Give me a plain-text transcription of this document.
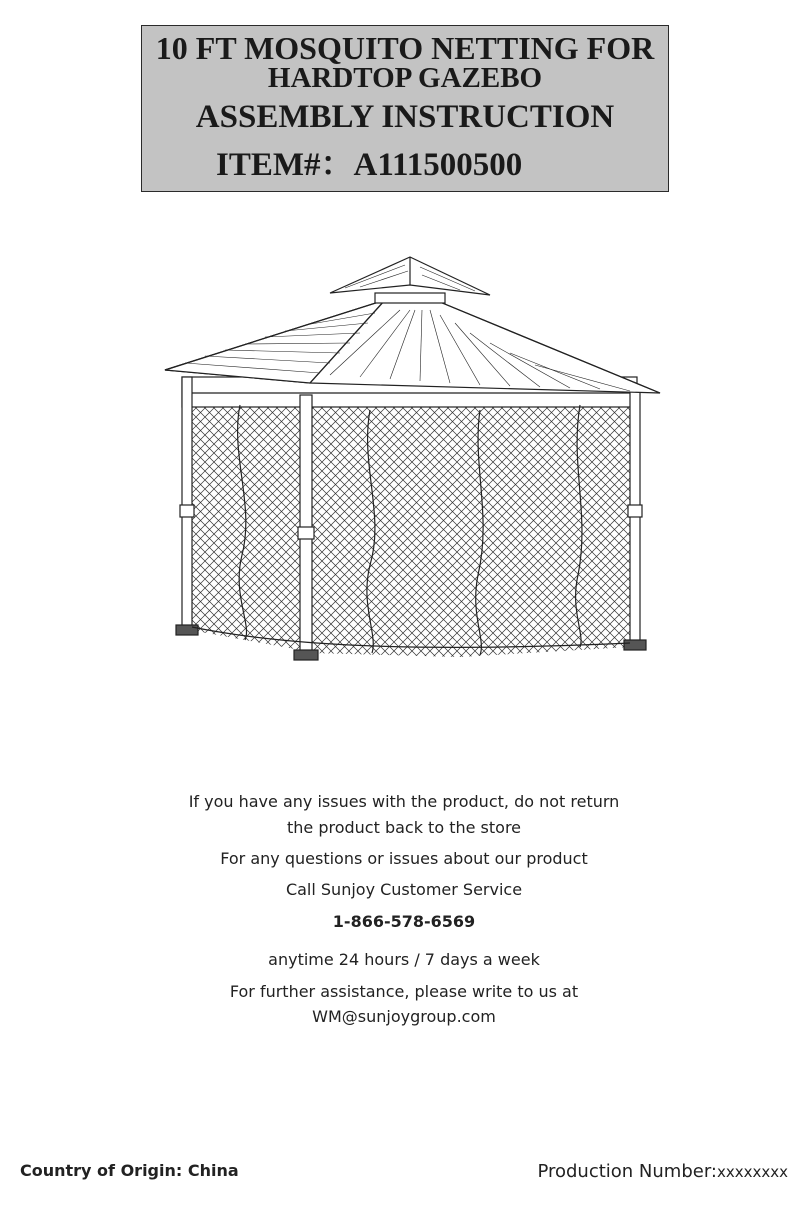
10 FT MOSQUITO NETTING FOR
HARDTOP GAZEBO
ASSEMBLY INSTRUCTION
ITEM#：A111500500
If you have any issues with the product, do not return
the product back to the store
For any questions or issues about our product
Call Sunjoy Customer Service
1-866-578-6569
anytime 24 hours / 7 days a week
For further assistance, please write to us at
WM@sunjoygroup.com
Country of Origin: China	Production Number:xxxxxxxx
